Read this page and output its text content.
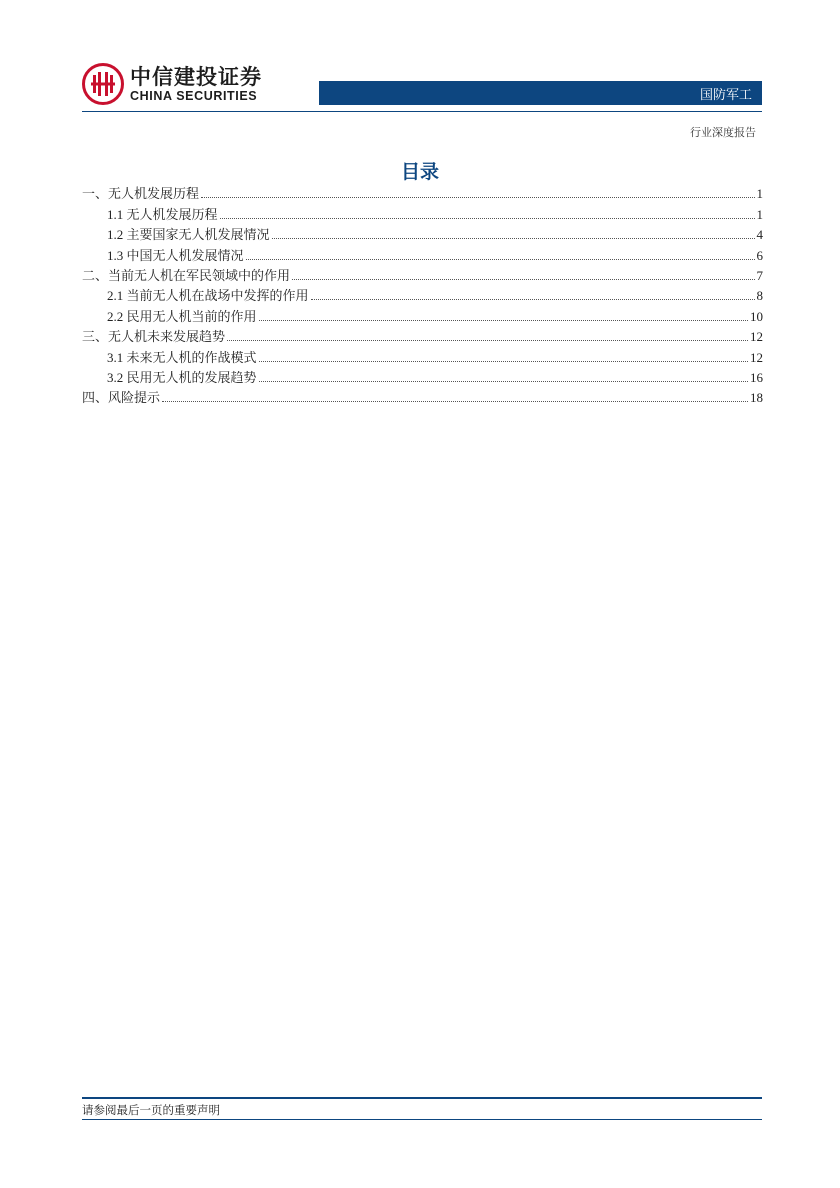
中信建投证券
CHINA SECURITIES	国防军工
行业深度报告
目录
一、无人机发展历程	1
1.1 无人机发展历程	1
1.2 主要国家无人机发展情况	4
1.3 中国无人机发展情况	6
二、当前无人机在军民领域中的作用	7
2.1 当前无人机在战场中发挥的作用	8
2.2 民用无人机当前的作用	10
三、无人机未来发展趋势	12
3.1 未来无人机的作战模式	12
3.2 民用无人机的发展趋势	16
四、风险提示	18
请参阅最后一页的重要声明
